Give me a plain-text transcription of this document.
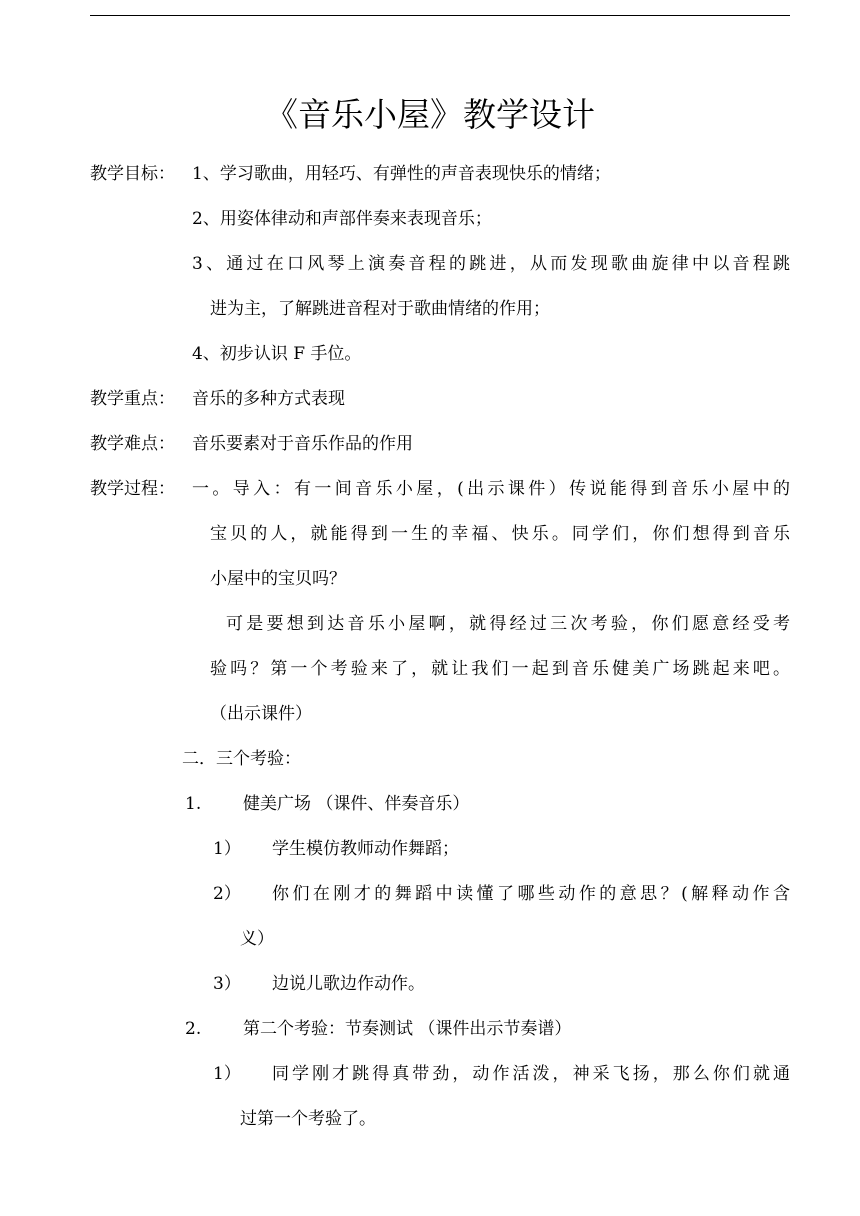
《音乐小屋》教学设计
教学目标： 1、学习歌曲，用轻巧、有弹性的声音表现快乐的情绪；
2、用姿体律动和声部伴奏来表现音乐；
3、通过在口风琴上演奏音程的跳进，从而发现歌曲旋律中以音程跳
进为主，了解跳进音程对于歌曲情绪的作用；
4、初步认识 F 手位。
教学重点： 音乐的多种方式表现
教学难点： 音乐要素对于音乐作品的作用
教学过程： 一。导入：有一间音乐小屋，(出示课件）传说能得到音乐小屋中的
宝贝的人，就能得到一生的幸福、快乐。同学们，你们想得到音乐
小屋中的宝贝吗？
可是要想到达音乐小屋啊，就得经过三次考验，你们愿意经受考
验吗？第一个考验来了，就让我们一起到音乐健美广场跳起来吧。
（出示课件）
二．三个考验：
1. 健美广场 （课件、伴奏音乐）
1） 学生模仿教师动作舞蹈；
2） 你们在刚才的舞蹈中读懂了哪些动作的意思？(解释动作含
义）
3） 边说儿歌边作动作。
2. 第二个考验：节奏测试 （课件出示节奏谱）
1） 同学刚才跳得真带劲，动作活泼，神采飞扬，那么你们就通
过第一个考验了。
